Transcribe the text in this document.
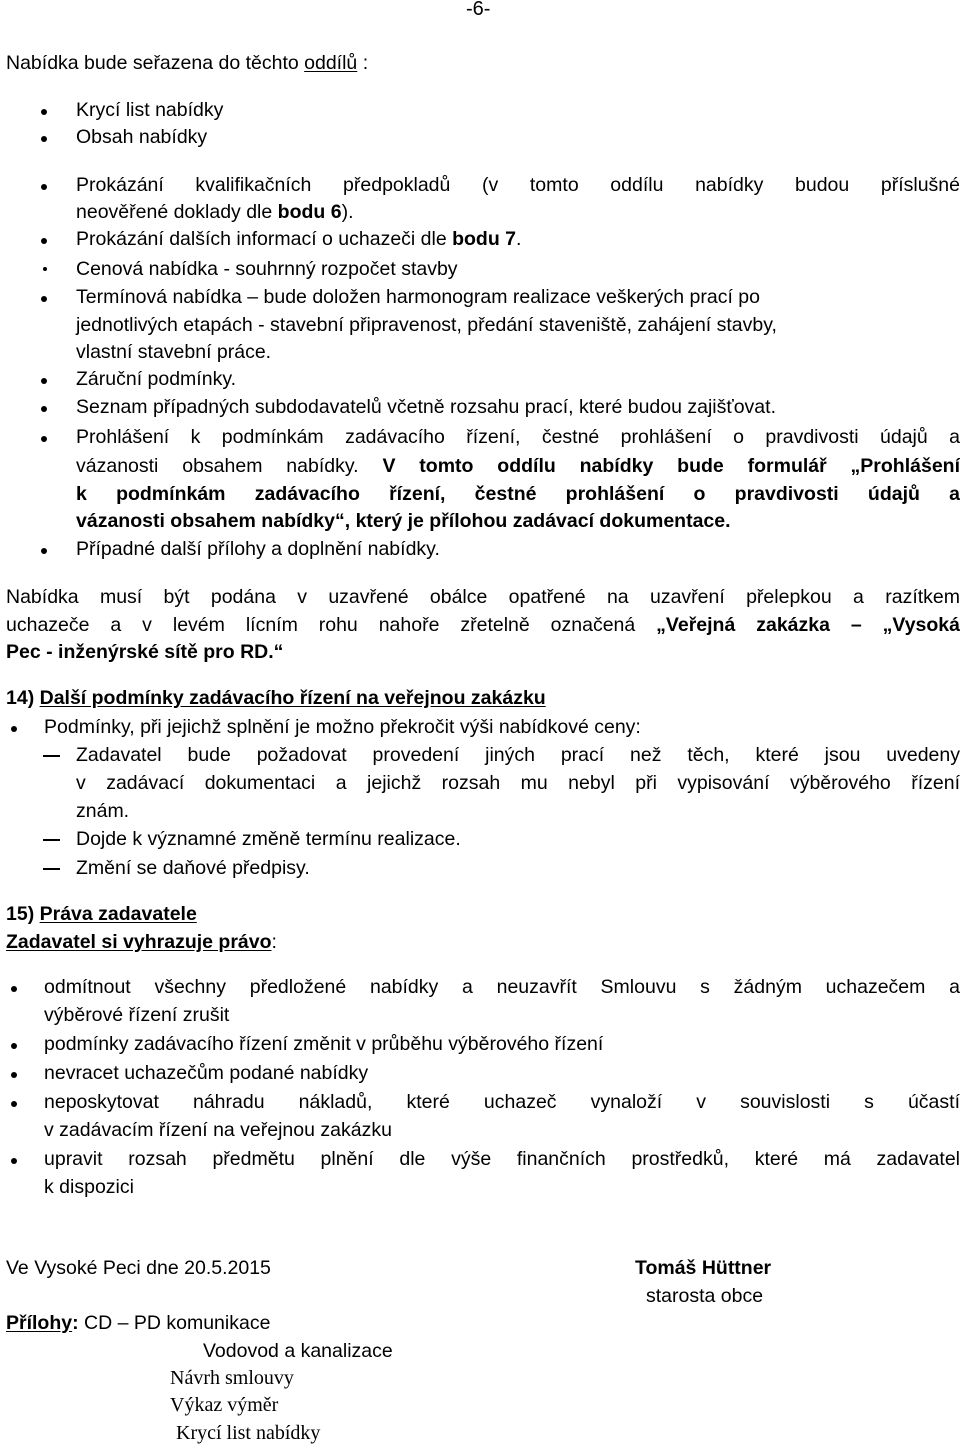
-6-
Nabídka bude seřazena do těchto oddílů :
Krycí list nabídky
Obsah nabídky
Prokázání kvalifikačních předpokladů (v tomto oddílu nabídky budou příslušné
neověřené doklady dle bodu 6).
Prokázání dalších informací o uchazeči dle bodu 7.
Cenová nabídka - souhrnný rozpočet stavby
Termínová nabídka – bude doložen harmonogram realizace veškerých prací po
jednotlivých etapách - stavební připravenost, předání staveniště, zahájení stavby,
vlastní stavební práce.
Záruční podmínky.
Seznam případných subdodavatelů včetně rozsahu prací, které budou zajišťovat.
Prohlášení k podmínkám zadávacího řízení, čestné prohlášení o pravdivosti údajů a
vázanosti obsahem nabídky. V tomto oddílu nabídky bude formulář „Prohlášení
k podmínkám zadávacího řízení, čestné prohlášení o pravdivosti údajů a
vázanosti obsahem nabídky“, který je přílohou zadávací dokumentace.
Případné další přílohy a doplnění nabídky.
Nabídka musí být podána v uzavřené obálce opatřené na uzavření přelepkou a razítkem
uchazeče a v levém lícním rohu nahoře zřetelně označená „Veřejná zakázka – „Vysoká
Pec - inženýrské sítě pro RD.“
14) Další podmínky zadávacího řízení na veřejnou zakázku
Podmínky, při jejichž splnění je možno překročit výši nabídkové ceny:
Zadavatel bude požadovat provedení jiných prací než těch, které jsou uvedeny
v zadávací dokumentaci a jejichž rozsah mu nebyl při vypisování výběrového řízení
znám.
Dojde k významné změně termínu realizace.
Změní se daňové předpisy.
15) Práva zadavatele
Zadavatel si vyhrazuje právo:
odmítnout všechny předložené nabídky a neuzavřít Smlouvu s žádným uchazečem a
výběrové řízení zrušit
podmínky zadávacího řízení změnit v průběhu výběrového řízení
nevracet uchazečům podané nabídky
neposkytovat náhradu nákladů, které uchazeč vynaloží v souvislosti s účastí
v zadávacím řízení na veřejnou zakázku
upravit rozsah předmětu plnění dle výše finančních prostředků, které má zadavatel
k dispozici
Ve Vysoké Peci dne 20.5.2015	Tomáš Hüttner
starosta obce
Přílohy: CD – PD komunikace
Vodovod a kanalizace
Návrh smlouvy
Výkaz výměr
Krycí list nabídky
